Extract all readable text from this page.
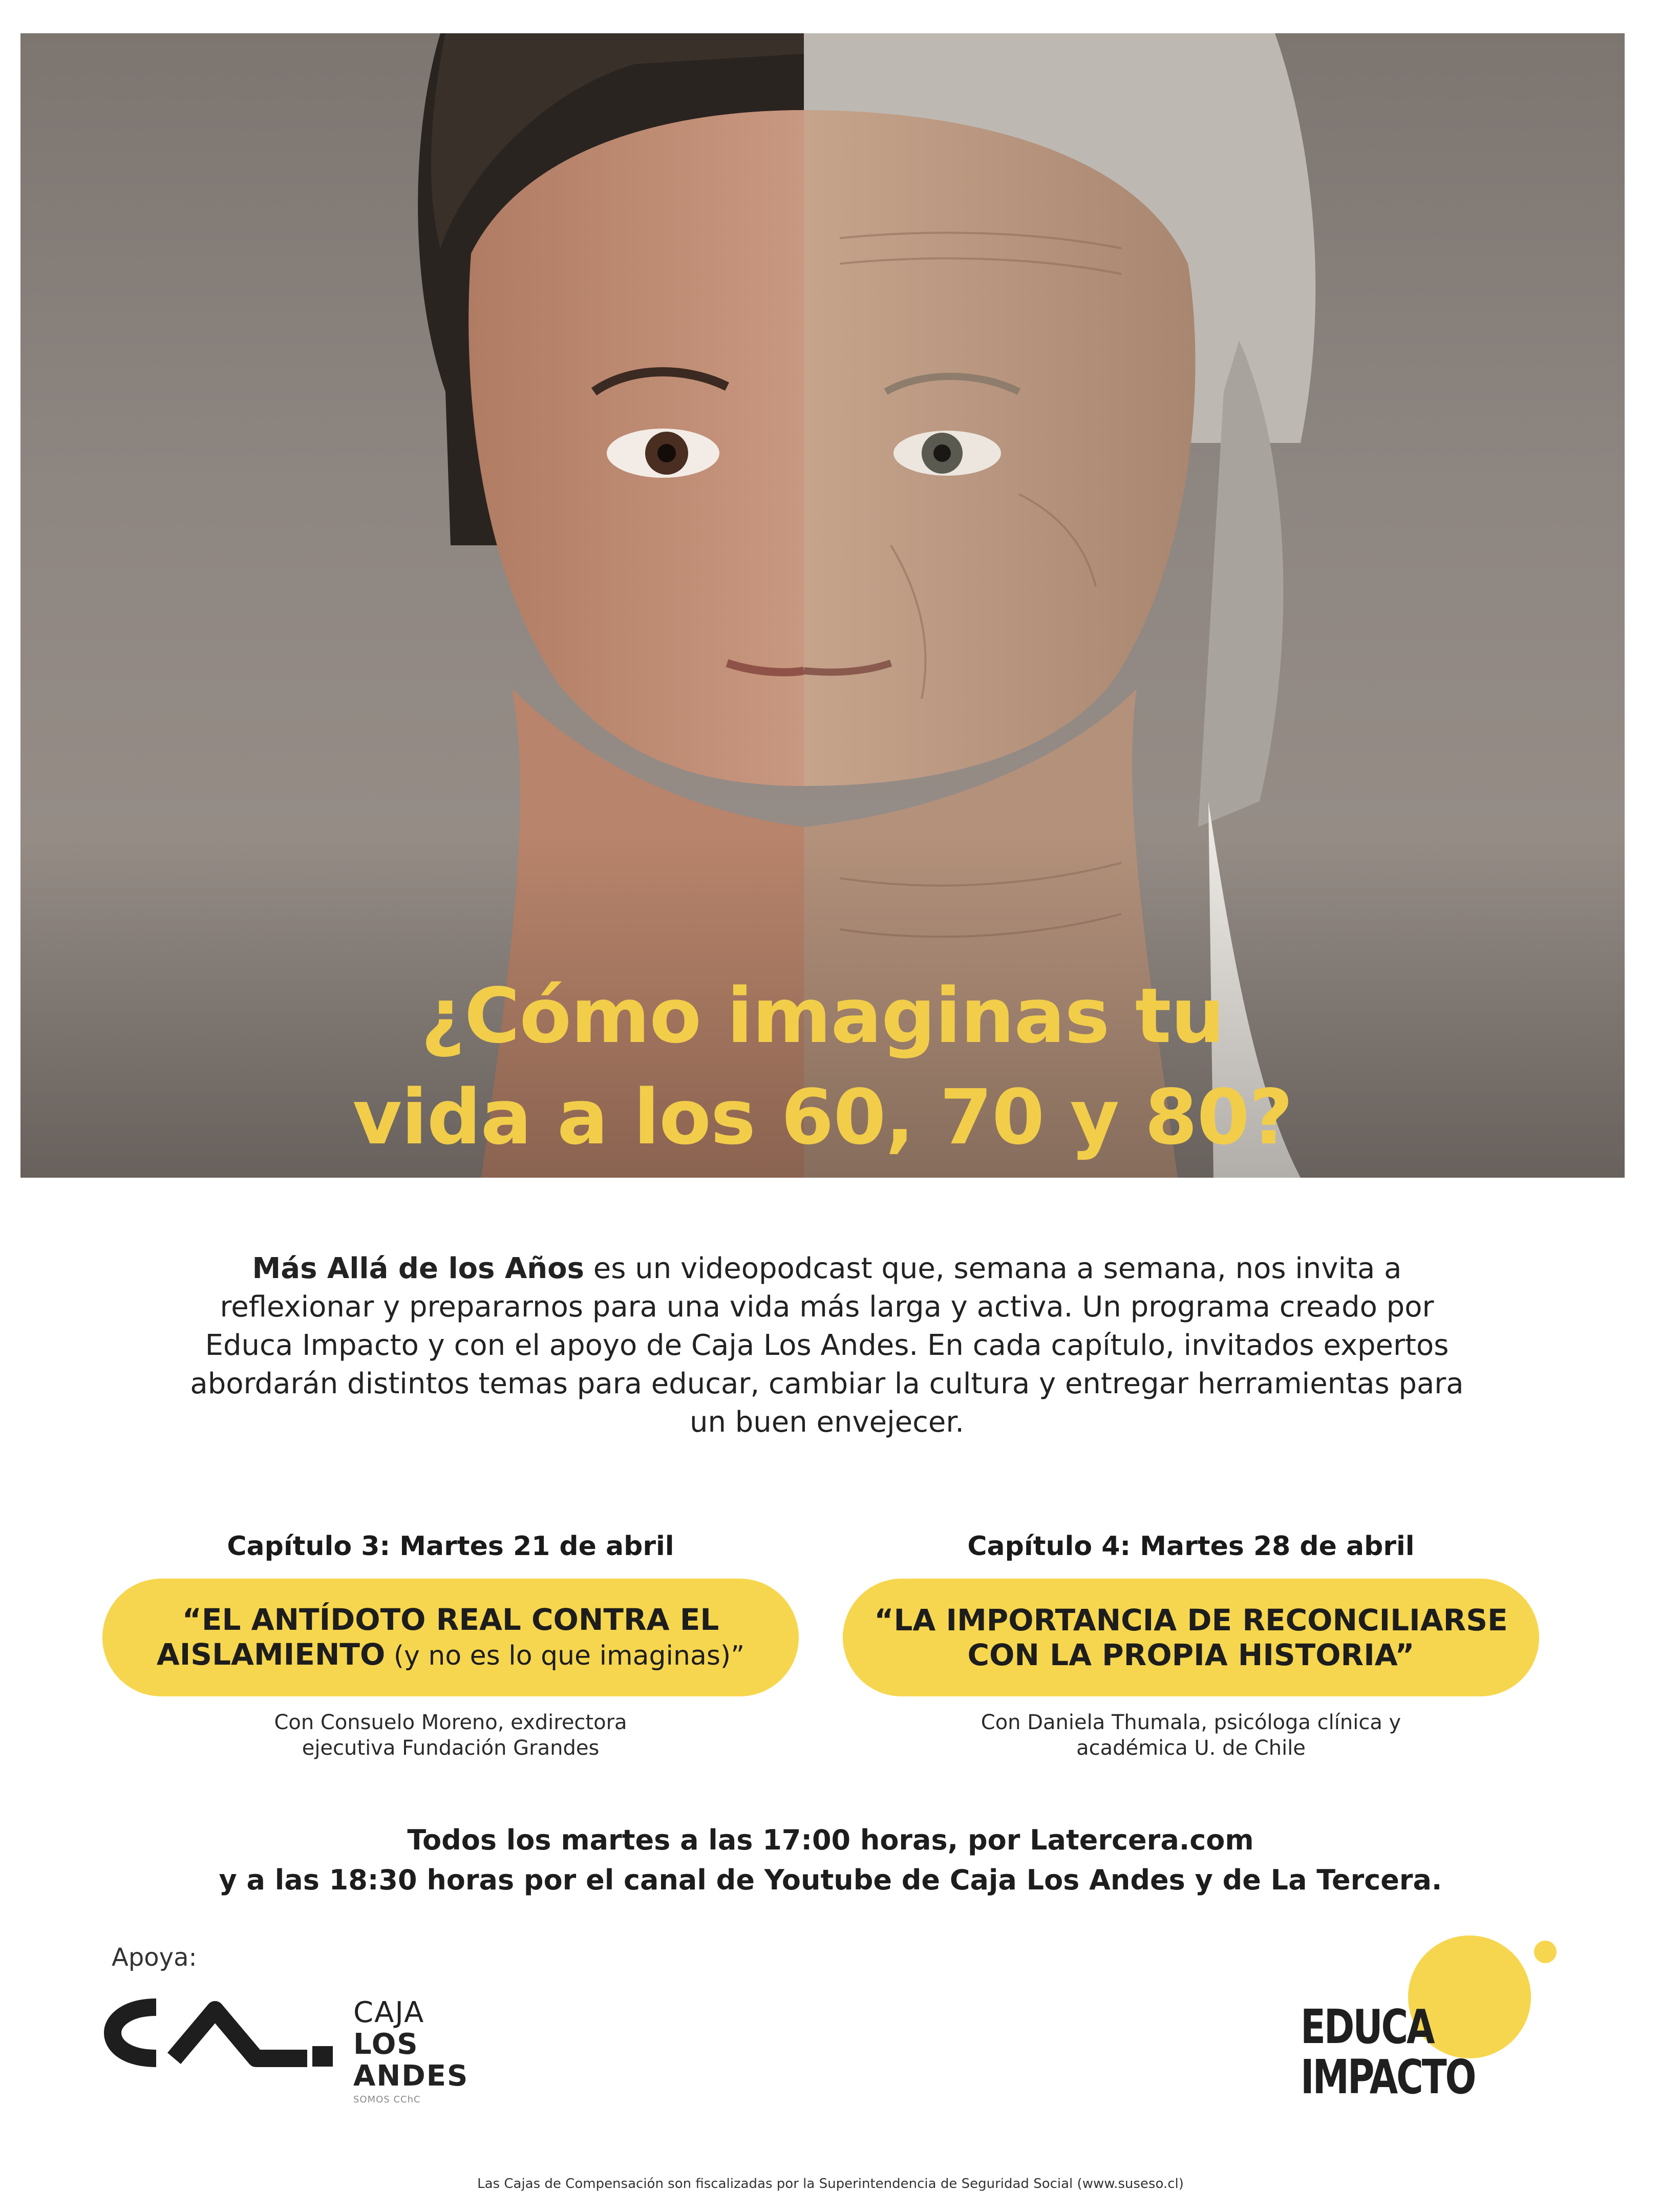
¿Cómo imaginas tu
vida a los 60, 70 y 80?
Más Allá de los Años es un videopodcast que, semana a semana, nos invita a reflexionar y prepararnos para una vida más larga y activa. Un programa creado por Educa Impacto y con el apoyo de Caja Los Andes. En cada capítulo, invitados expertos abordarán distintos temas para educar, cambiar la cultura y entregar herramientas para un buen envejecer.
Capítulo 3: Martes 21 de abril
“EL ANTÍDOTO REAL CONTRA EL
AISLAMIENTO (y no es lo que imaginas)”
Con Consuelo Moreno, exdirectora
ejecutiva Fundación Grandes
Capítulo 4: Martes 28 de abril
“LA IMPORTANCIA DE RECONCILIARSE
CON LA PROPIA HISTORIA”
Con Daniela Thumala, psicóloga clínica y
académica U. de Chile
Todos los martes a las 17:00 horas, por Latercera.com
y a las 18:30 horas por el canal de Youtube de Caja Los Andes y de La Tercera.
Apoya:
CAJA
LOS
ANDES
SOMOS CChC
EDUCA
IMPACTO
Las Cajas de Compensación son fiscalizadas por la Superintendencia de Seguridad Social (www.suseso.cl)
